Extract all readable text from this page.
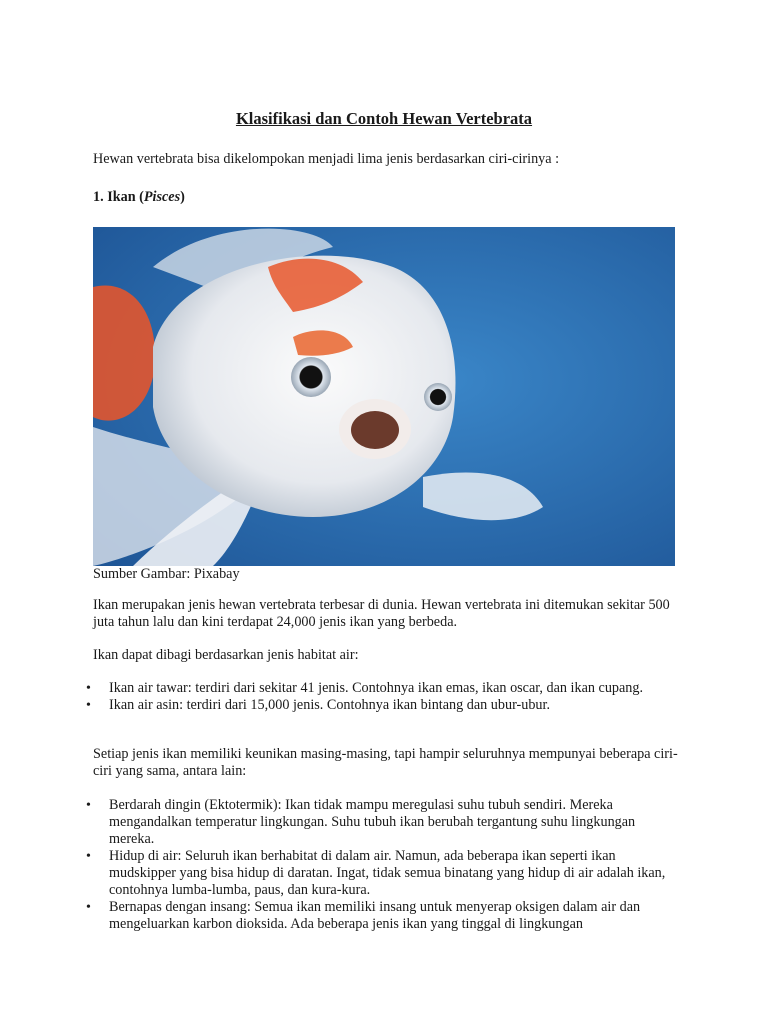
Klasifikasi dan Contoh Hewan Vertebrata

Hewan vertebrata bisa dikelompokan menjadi lima jenis berdasarkan ciri-cirinya :

1. Ikan (Pisces)

Sumber Gambar: Pixabay

Ikan merupakan jenis hewan vertebrata terbesar di dunia. Hewan vertebrata ini ditemukan sekitar 500 juta tahun lalu dan kini terdapat 24,000 jenis ikan yang berbeda.

Ikan dapat dibagi berdasarkan jenis habitat air:

• Ikan air tawar: terdiri dari sekitar 41 jenis. Contohnya ikan emas, ikan oscar, dan ikan cupang.
• Ikan air asin: terdiri dari 15,000 jenis. Contohnya ikan bintang dan ubur-ubur.

Setiap jenis ikan memiliki keunikan masing-masing, tapi hampir seluruhnya mempunyai beberapa ciri-ciri yang sama, antara lain:

• Berdarah dingin (Ektotermik): Ikan tidak mampu meregulasi suhu tubuh sendiri. Mereka mengandalkan temperatur lingkungan. Suhu tubuh ikan berubah tergantung suhu lingkungan mereka.
• Hidup di air: Seluruh ikan berhabitat di dalam air. Namun, ada beberapa ikan seperti ikan mudskipper yang bisa hidup di daratan. Ingat, tidak semua binatang yang hidup di air adalah ikan, contohnya lumba-lumba, paus, dan kura-kura.
• Bernapas dengan insang: Semua ikan memiliki insang untuk menyerap oksigen dalam air dan mengeluarkan karbon dioksida. Ada beberapa jenis ikan yang tinggal di lingkungan
